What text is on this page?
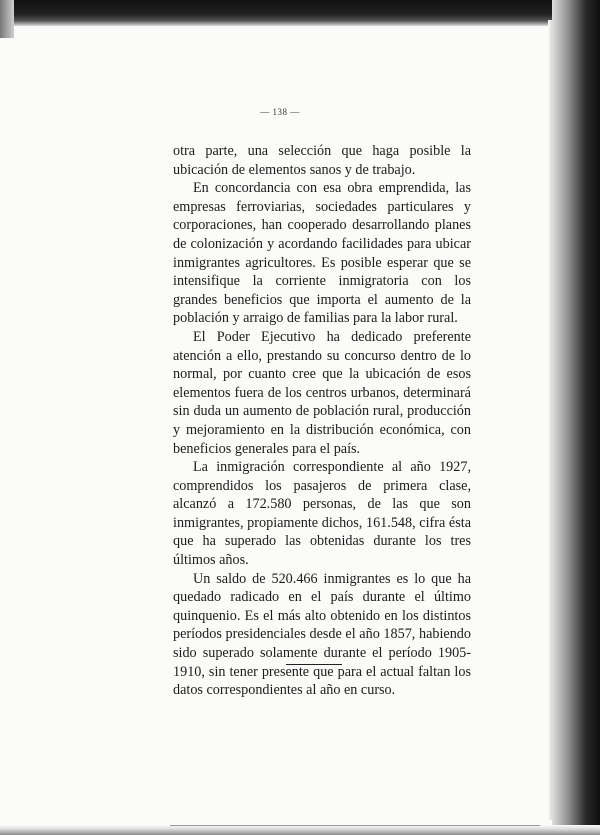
— 138 —

otra parte, una selección que haga posible la ubicación de elementos sanos y de trabajo.

En concordancia con esa obra emprendida, las empresas ferroviarias, sociedades particulares y corporaciones, han cooperado desarrollando planes de colonización y acordando facilidades para ubicar inmigrantes agricultores. Es posible esperar que se intensifique la corriente inmigratoria con los grandes beneficios que importa el aumento de la población y arraigo de familias para la labor rural.

El Poder Ejecutivo ha dedicado preferente atención a ello, prestando su concurso dentro de lo normal, por cuanto cree que la ubicación de esos elementos fuera de los centros urbanos, determinará sin duda un aumento de población rural, producción y mejoramiento en la distribución económica, con beneficios generales para el país.

La inmigración correspondiente al año 1927, comprendidos los pasajeros de primera clase, alcanzó a 172.580 personas, de las que son inmigrantes, propiamente dichos, 161.548, cifra ésta que ha superado las obtenidas durante los tres últimos años.

Un saldo de 520.466 inmigrantes es lo que ha quedado radicado en el país durante el último quinquenio. Es el más alto obtenido en los distintos períodos presidenciales desde el año 1857, habiendo sido superado solamente durante el período 1905-1910, sin tener presente que para el actual faltan los datos correspondientes al año en curso.
